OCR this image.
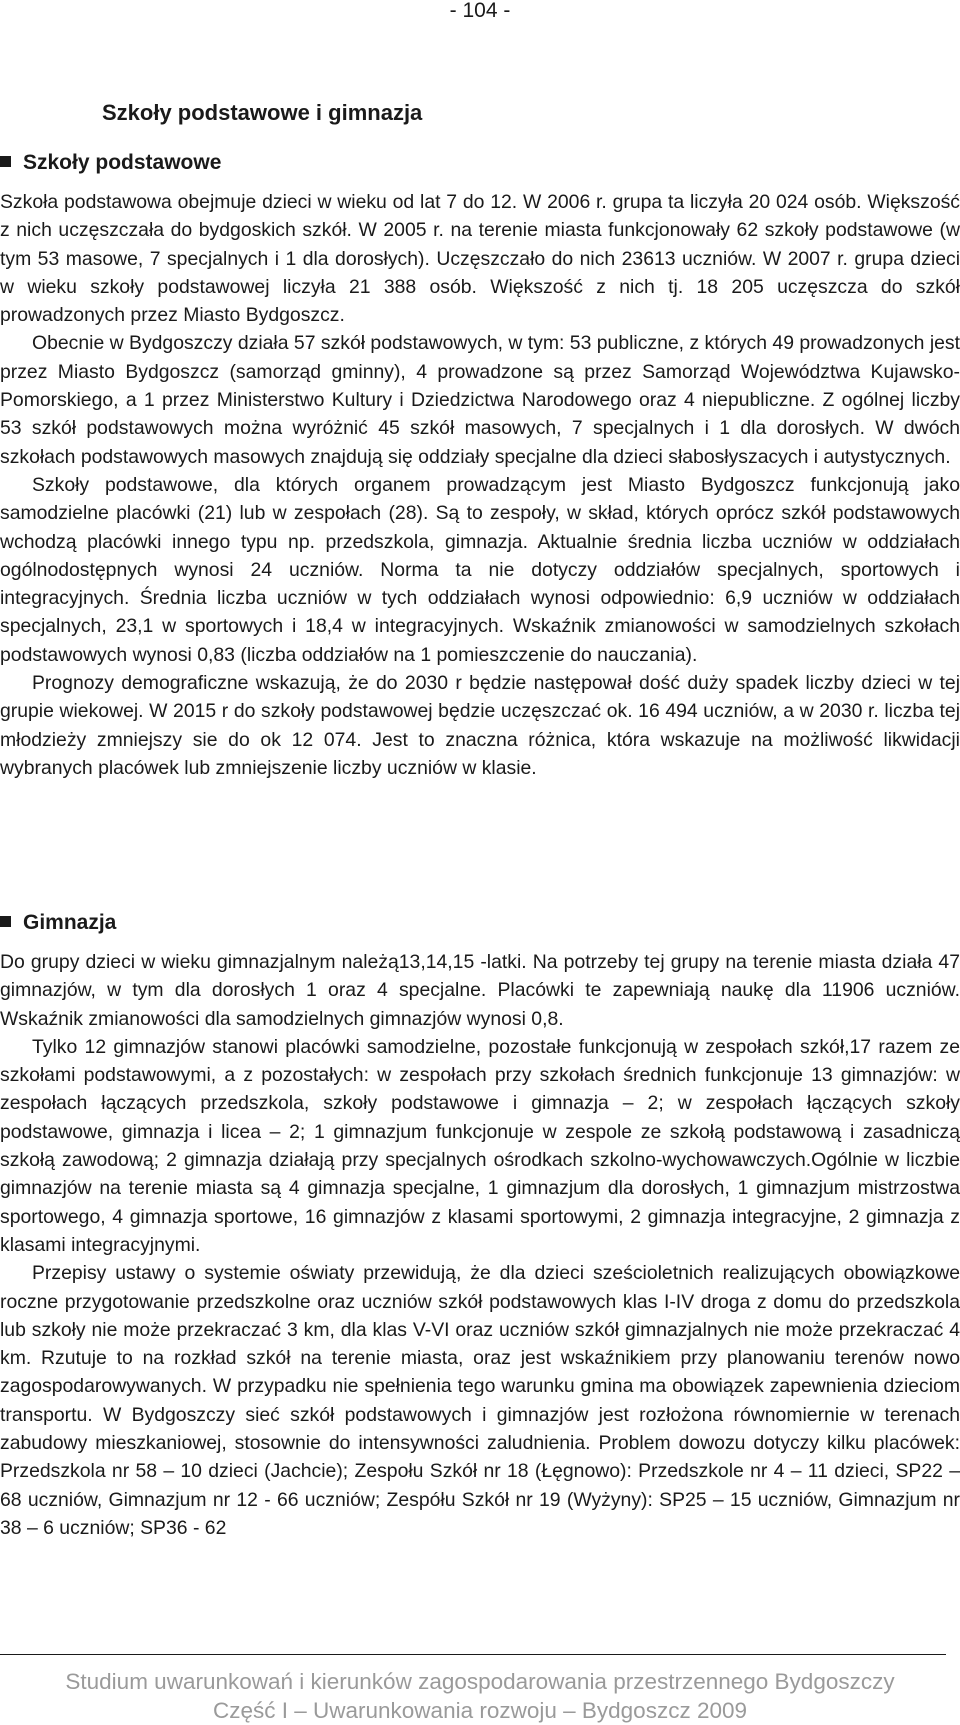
- 104 -
Szkoły podstawowe i gimnazja
Szkoły podstawowe

Szkoła podstawowa obejmuje dzieci w wieku od lat 7 do 12. W 2006 r. grupa ta liczyła 20 024 osób. Większość z nich uczęszczała do bydgoskich szkół. W 2005 r. na terenie miasta funkcjonowały 62 szkoły podstawowe (w tym 53 masowe, 7 specjalnych i 1 dla dorosłych). Uczęszczało do nich 23613 uczniów. W 2007 r. grupa dzieci w wieku szkoły podstawowej liczyła 21 388 osób. Większość z nich tj. 18 205 uczęszcza do szkół prowadzonych przez Miasto Bydgoszcz.

Obecnie w Bydgoszczy działa 57 szkół podstawowych, w tym: 53 publiczne, z których 49 prowadzonych jest przez Miasto Bydgoszcz (samorząd gminny), 4 prowadzone są przez Samorząd Województwa Kujawsko-Pomorskiego, a 1 przez Ministerstwo Kultury i Dziedzictwa Narodowego oraz 4 niepubliczne. Z ogólnej liczby 53 szkół podstawowych można wyróżnić 45 szkół masowych, 7 specjalnych i 1 dla dorosłych. W dwóch szkołach podstawowych masowych znajdują się oddziały specjalne dla dzieci słabosłyszacych i autystycznych.

Szkoły podstawowe, dla których organem prowadzącym jest Miasto Bydgoszcz funkcjonują jako samodzielne placówki (21) lub w zespołach (28). Są to zespoły, w skład, których oprócz szkół podstawowych wchodzą placówki innego typu np. przedszkola, gimnazja. Aktualnie średnia liczba uczniów w oddziałach ogólnodostępnych wynosi 24 uczniów. Norma ta nie dotyczy oddziałów specjalnych, sportowych i integracyjnych. Średnia liczba uczniów w tych oddziałach wynosi odpowiednio: 6,9 uczniów w oddziałach specjalnych, 23,1 w sportowych i 18,4 w integracyjnych. Wskaźnik zmianowości w samodzielnych szkołach podstawowych wynosi 0,83 (liczba oddziałów na 1 pomieszczenie do nauczania).

Prognozy demograficzne wskazują, że do 2030 r będzie następował dość duży spadek liczby dzieci w tej grupie wiekowej. W 2015 r do szkoły podstawowej będzie uczęszczać ok. 16 494 uczniów, a w 2030 r. liczba tej młodzieży zmniejszy sie do ok 12 074. Jest to znaczna różnica, która wskazuje na możliwość likwidacji wybranych placówek lub zmniejszenie liczby uczniów w klasie.

Gimnazja

Do grupy dzieci w wieku gimnazjalnym należą13,14,15 -latki. Na potrzeby tej grupy na terenie miasta działa 47 gimnazjów, w tym dla dorosłych 1 oraz 4 specjalne. Placówki te zapewniają naukę dla 11906 uczniów. Wskaźnik zmianowości dla samodzielnych gimnazjów wynosi 0,8.

Tylko 12 gimnazjów stanowi placówki samodzielne, pozostałe funkcjonują w zespołach szkół,17 razem ze szkołami podstawowymi, a z pozostałych: w zespołach przy szkołach średnich funkcjonuje 13 gimnazjów: w zespołach łączących przedszkola, szkoły podstawowe i gimnazja – 2; w zespołach łączących szkoły podstawowe, gimnazja i licea – 2; 1 gimnazjum funkcjonuje w zespole ze szkołą podstawową i zasadniczą szkołą zawodową; 2 gimnazja działają przy specjalnych ośrodkach szkolno-wychowawczych.Ogólnie w liczbie gimnazjów na terenie miasta są 4 gimnazja specjalne, 1 gimnazjum dla dorosłych, 1 gimnazjum mistrzostwa sportowego, 4 gimnazja sportowe, 16 gimnazjów z klasami sportowymi, 2 gimnazja integracyjne, 2 gimnazja z klasami integracyjnymi.

Przepisy ustawy o systemie oświaty przewidują, że dla dzieci sześcioletnich realizujących obowiązkowe roczne przygotowanie przedszkolne oraz uczniów szkół podstawowych klas I-IV droga z domu do przedszkola lub szkoły nie może przekraczać 3 km, dla klas V-VI oraz uczniów szkół gimnazjalnych nie może przekraczać 4 km. Rzutuje to na rozkład szkół na terenie miasta, oraz jest wskaźnikiem przy planowaniu terenów nowo zagospodarowywanych. W przypadku nie spełnienia tego warunku gmina ma obowiązek zapewnienia dzieciom transportu. W Bydgoszczy sieć szkół podstawowych i gimnazjów jest rozłożona równomiernie w terenach zabudowy mieszkaniowej, stosownie do intensywności zaludnienia. Problem dowozu dotyczy kilku placówek: Przedszkola nr 58 – 10 dzieci (Jachcie); Zespołu Szkół nr 18 (Łęgnowo): Przedszkole nr 4 – 11 dzieci, SP22 – 68 uczniów, Gimnazjum nr 12 - 66 uczniów; Zespółu Szkół nr 19 (Wyżyny): SP25 – 15 uczniów, Gimnazjum nr 38 – 6 uczniów; SP36 - 62

Studium uwarunkowań i kierunków zagospodarowania przestrzennego Bydgoszczy
Część I – Uwarunkowania rozwoju – Bydgoszcz 2009
